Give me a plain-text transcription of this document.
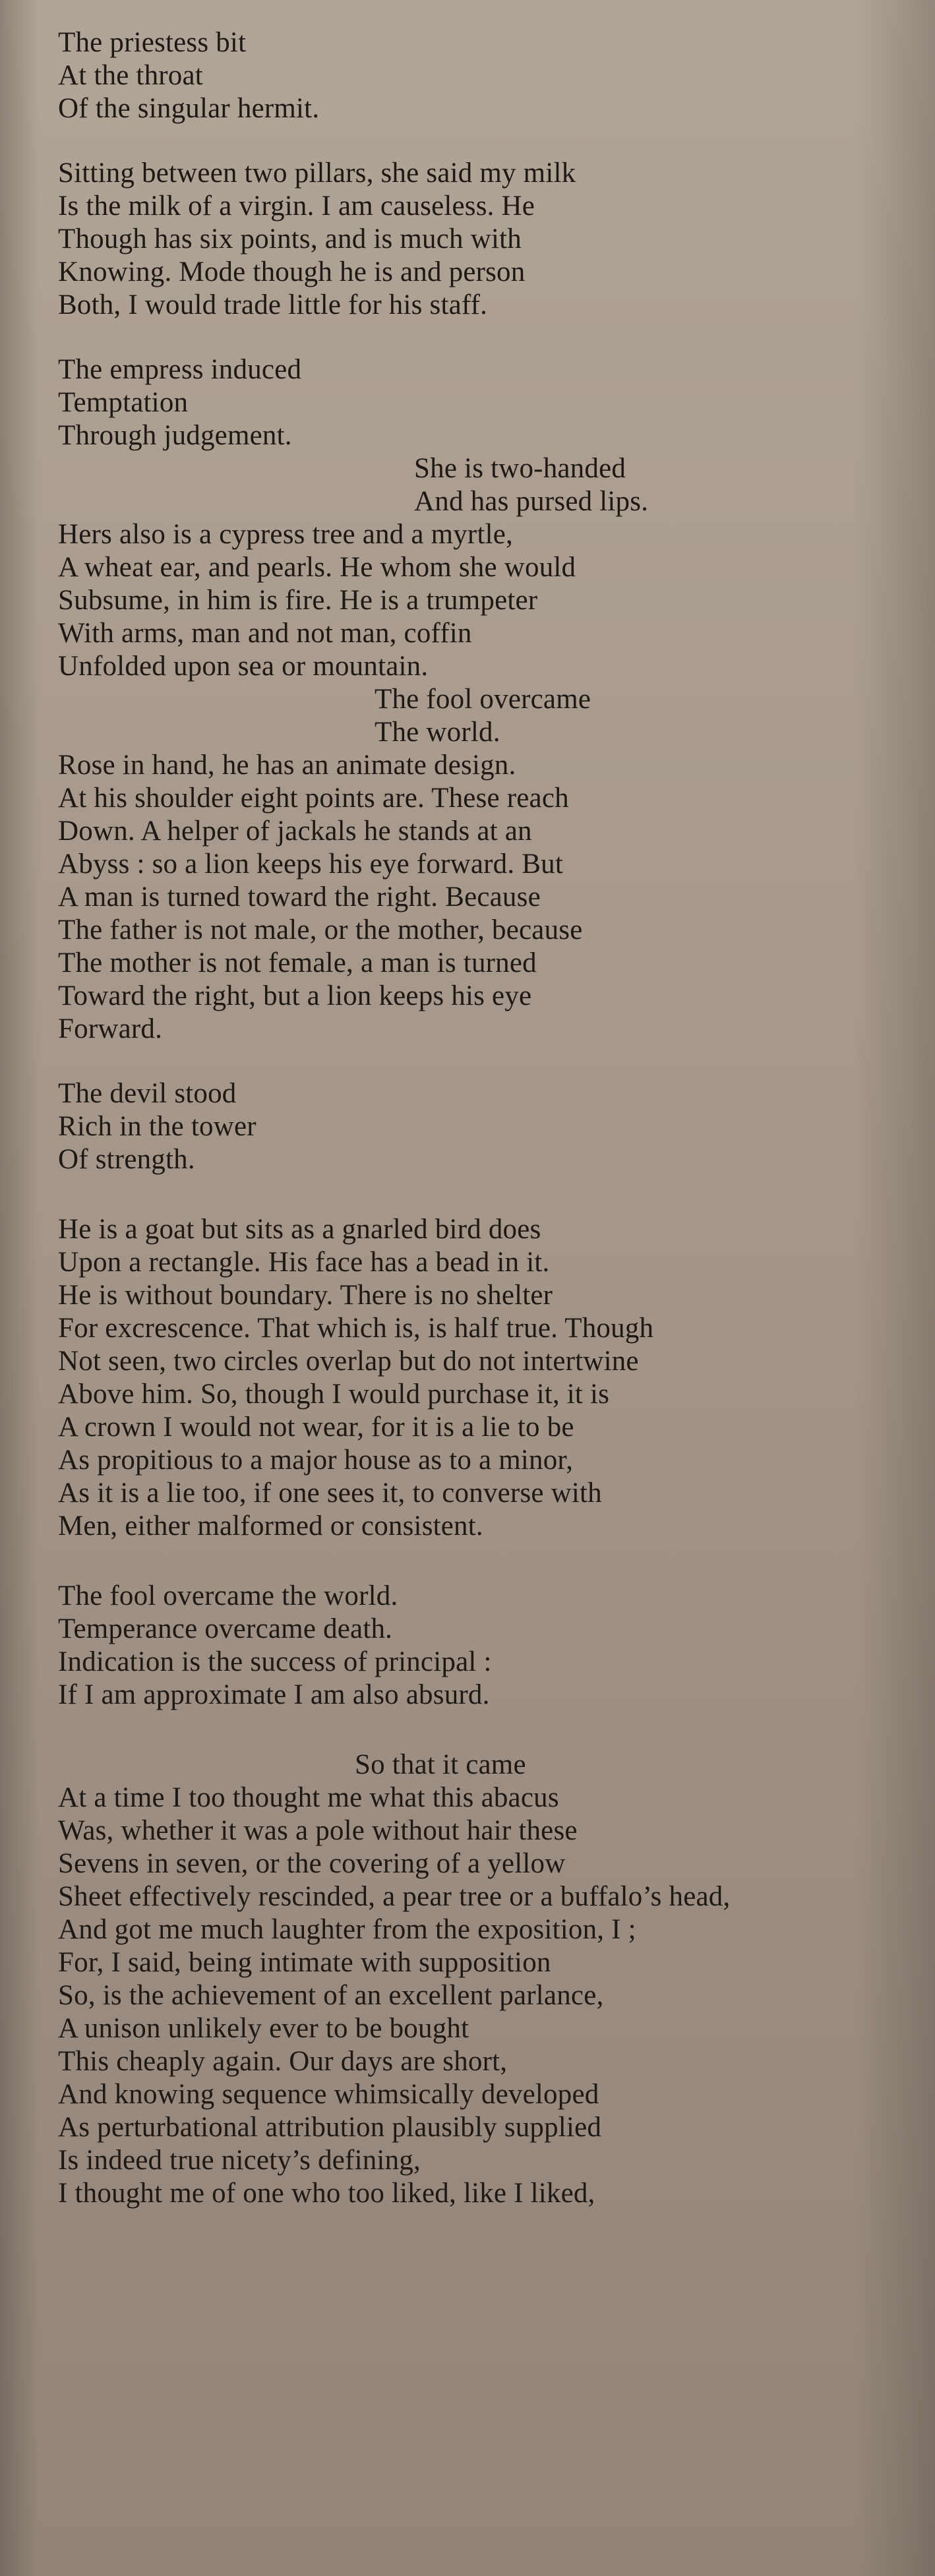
The priestess bit
At the throat
Of the singular hermit.
Sitting between two pillars, she said my milk
Is the milk of a virgin. I am causeless. He
Though has six points, and is much with
Knowing. Mode though he is and person
Both, I would trade little for his staff.
The empress induced
Temptation
Through judgement.
She is two-handed
And has pursed lips.
Hers also is a cypress tree and a myrtle,
A wheat ear, and pearls. He whom she would
Subsume, in him is fire. He is a trumpeter
With arms, man and not man, coffin
Unfolded upon sea or mountain.
The fool overcame
The world.
Rose in hand, he has an animate design.
At his shoulder eight points are. These reach
Down. A helper of jackals he stands at an
Abyss : so a lion keeps his eye forward. But
A man is turned toward the right. Because
The father is not male, or the mother, because
The mother is not female, a man is turned
Toward the right, but a lion keeps his eye
Forward.
The devil stood
Rich in the tower
Of strength.
He is a goat but sits as a gnarled bird does
Upon a rectangle. His face has a bead in it.
He is without boundary. There is no shelter
For excrescence. That which is, is half true. Though
Not seen, two circles overlap but do not intertwine
Above him. So, though I would purchase it, it is
A crown I would not wear, for it is a lie to be
As propitious to a major house as to a minor,
As it is a lie too, if one sees it, to converse with
Men, either malformed or consistent.
The fool overcame the world.
Temperance overcame death.
Indication is the success of principal :
If I am approximate I am also absurd.
So that it came
At a time I too thought me what this abacus
Was, whether it was a pole without hair these
Sevens in seven, or the covering of a yellow
Sheet effectively rescinded, a pear tree or a buffalo’s head,
And got me much laughter from the exposition, I ;
For, I said, being intimate with supposition
So, is the achievement of an excellent parlance,
A unison unlikely ever to be bought
This cheaply again. Our days are short,
And knowing sequence whimsically developed
As perturbational attribution plausibly supplied
Is indeed true nicety’s defining,
I thought me of one who too liked, like I liked,
